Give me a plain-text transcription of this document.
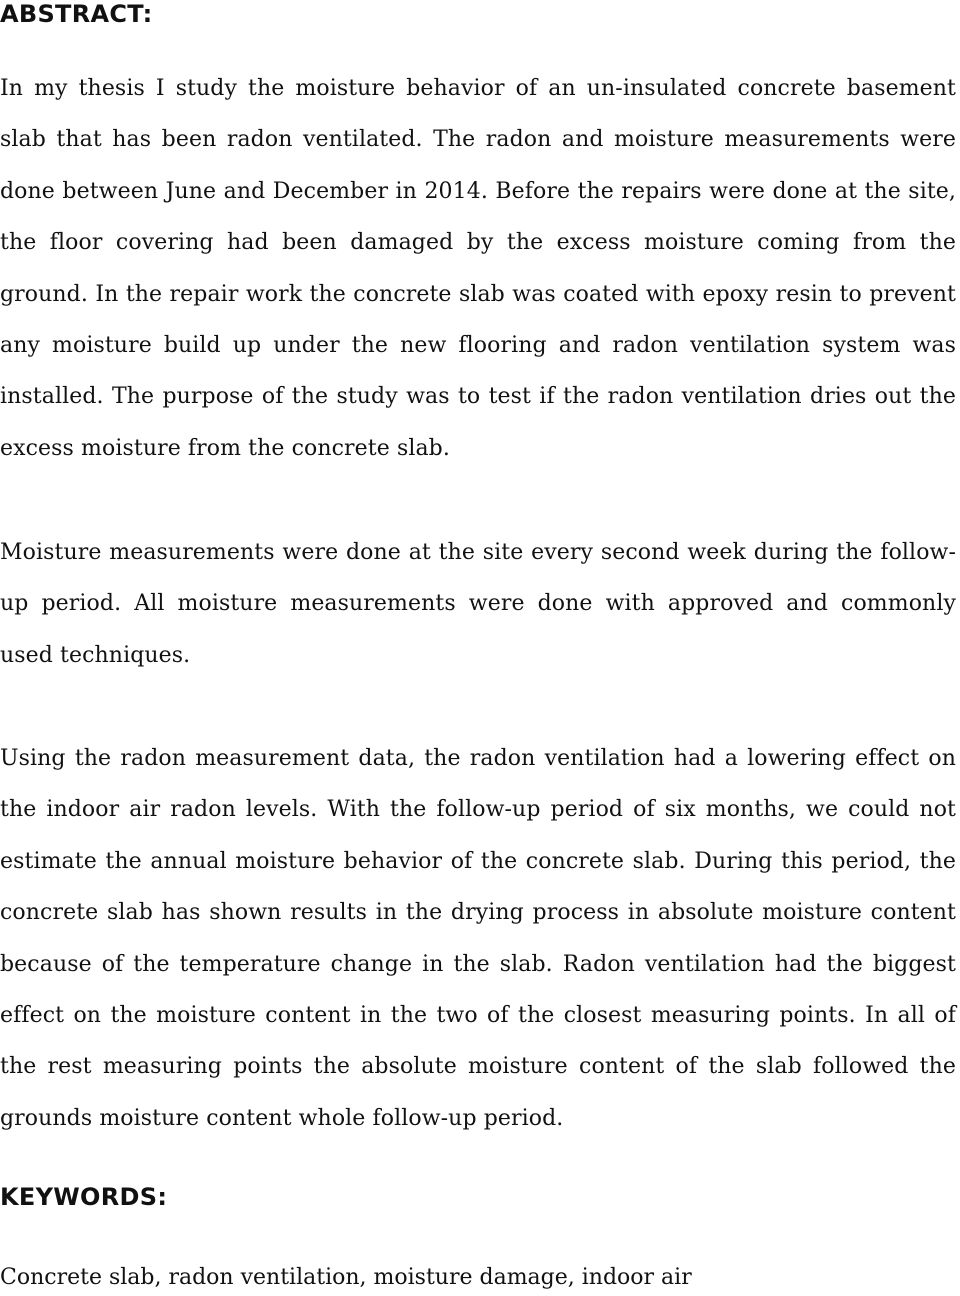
ABSTRACT:

In my thesis I study the moisture behavior of an un-insulated concrete basement slab that has been radon ventilated. The radon and moisture measurements were done between June and December in 2014. Before the repairs were done at the site, the floor covering had been damaged by the excess moisture coming from the ground. In the repair work the concrete slab was coated with epoxy resin to prevent any moisture build up under the new flooring and radon ventilation system was installed. The purpose of the study was to test if the radon ventilation dries out the excess moisture from the concrete slab.

Moisture measurements were done at the site every second week during the follow-up period. All moisture measurements were done with approved and commonly used techniques.

Using the radon measurement data, the radon ventilation had a lowering effect on the indoor air radon levels. With the follow-up period of six months, we could not estimate the annual moisture behavior of the concrete slab. During this period, the concrete slab has shown results in the drying process in absolute moisture content because of the temperature change in the slab. Radon ventilation had the biggest effect on the moisture content in the two of the closest measuring points. In all of the rest measuring points the absolute moisture content of the slab followed the grounds moisture content whole follow-up period.

KEYWORDS:

Concrete slab, radon ventilation, moisture damage, indoor air
